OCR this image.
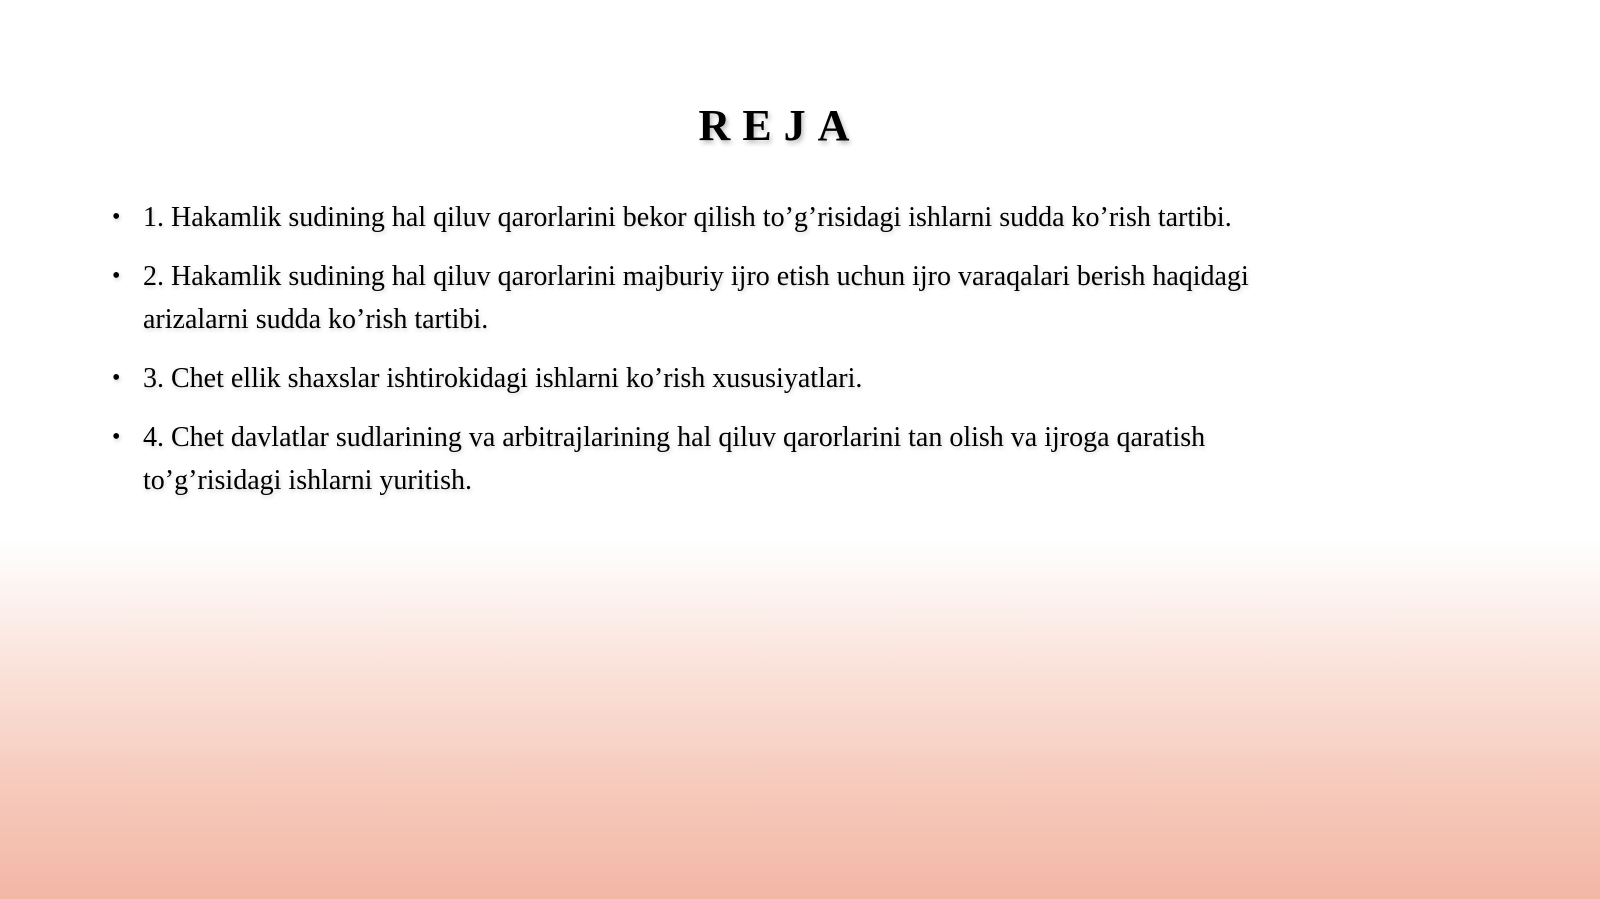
REJA
• 1. Hakamlik sudining hal qiluv qarorlarini bekor qilish to’g’risidagi ishlarni sudda ko’rish tartibi.
• 2. Hakamlik sudining hal qiluv qarorlarini majburiy ijro etish uchun ijro varaqalari berish haqidagi arizalarni sudda ko’rish tartibi.
• 3. Chet ellik shaxslar ishtirokidagi ishlarni ko’rish xususiyatlari.
• 4. Chet davlatlar sudlarining va arbitrajlarining hal qiluv qarorlarini tan olish va ijroga qaratish to’g’risidagi ishlarni yuritish.
